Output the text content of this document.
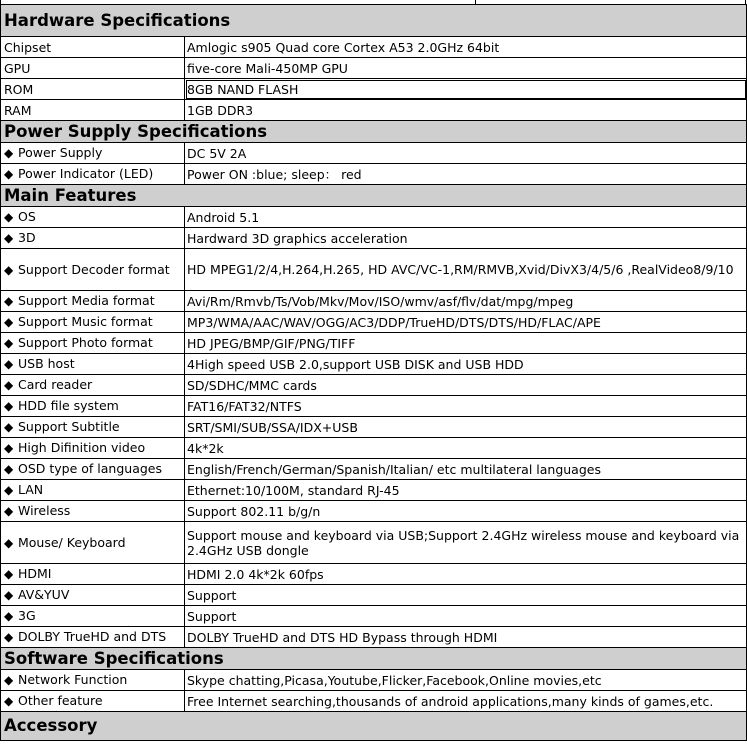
Hardware Specifications	

Chipset	Amlogic s905 Quad core Cortex A53 2.0GHz 64bit
GPU	five-core Mali-450MP GPU
ROM	8GB NAND FLASH
RAM	1GB DDR3

Power Supply Specifications	

◆ Power Supply	DC 5V 2A
◆ Power Indicator (LED)	Power ON :blue; sleep： red

Main Features	

◆ OS	Android 5.1
◆ 3D	Hardward 3D graphics acceleration
◆ Support Decoder format	HD MPEG1/2/4,H.264,H.265, HD AVC/VC-1,RM/RMVB,Xvid/DivX3/4/5/6 ,RealVideo8/9/10
◆ Support Media format	Avi/Rm/Rmvb/Ts/Vob/Mkv/Mov/ISO/wmv/asf/flv/dat/mpg/mpeg
◆ Support Music format	MP3/WMA/AAC/WAV/OGG/AC3/DDP/TrueHD/DTS/DTS/HD/FLAC/APE
◆ Support Photo format	HD JPEG/BMP/GIF/PNG/TIFF
◆ USB host	4High speed USB 2.0,support USB DISK and USB HDD
◆ Card reader	SD/SDHC/MMC cards
◆ HDD file system	FAT16/FAT32/NTFS
◆ Support Subtitle	SRT/SMI/SUB/SSA/IDX+USB
◆ High Difinition video	4k*2k
◆ OSD type of languages	English/French/German/Spanish/Italian/ etc multilateral languages
◆ LAN	Ethernet:10/100M, standard RJ-45
◆ Wireless	Support 802.11 b/g/n
◆ Mouse/ Keyboard	Support mouse and keyboard via USB;Support 2.4GHz wireless mouse and keyboard via 2.4GHz USB dongle
◆ HDMI	HDMI 2.0 4k*2k 60fps
◆ AV&YUV	Support
◆ 3G	Support
◆ DOLBY TrueHD and DTS	DOLBY TrueHD and DTS HD Bypass through HDMI

Software Specifications	

◆ Network Function	Skype chatting,Picasa,Youtube,Flicker,Facebook,Online movies,etc
◆ Other feature	Free Internet searching,thousands of android applications,many kinds of games,etc.

Accessory	
